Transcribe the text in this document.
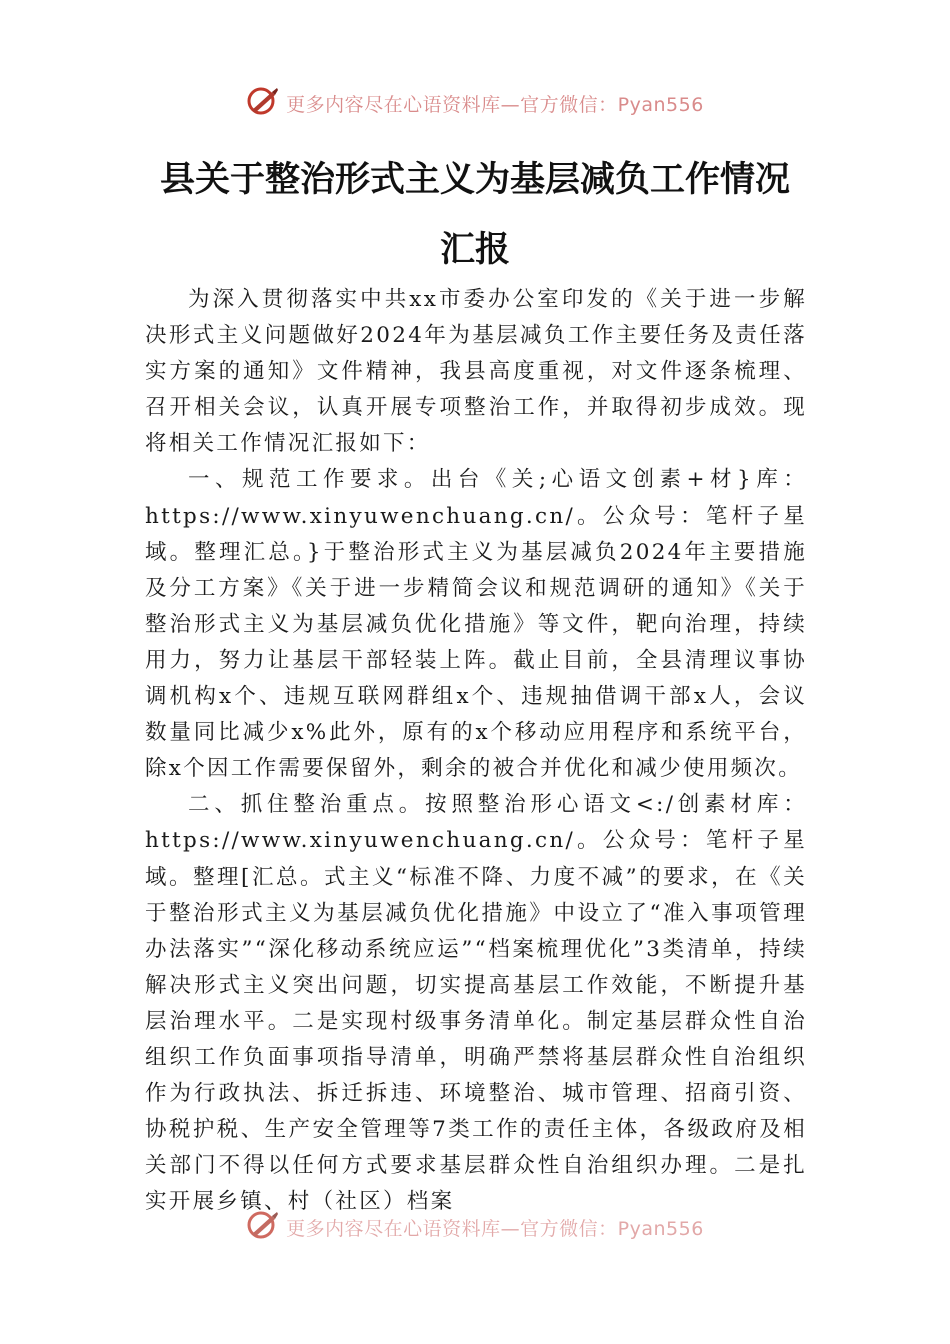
更多内容尽在心语资料库—官方微信：Pyan556
县关于整治形式主义为基层减负工作情况
汇报

为深入贯彻落实中共xx市委办公室印发的《关于进一步解决形式主义问题做好2024年为基层减负工作主要任务及责任落实方案的通知》文件精神，我县高度重视，对文件逐条梳理、召开相关会议，认真开展专项整治工作，并取得初步成效。现将相关工作情况汇报如下：

一、规范工作要求。出台《关;心语文创素+材}库：https://www.xinyuwenchuang.cn/。公众号：笔杆子星域。整理汇总。}于整治形式主义为基层减负2024年主要措施及分工方案》《关于进一步精简会议和规范调研的通知》《关于整治形式主义为基层减负优化措施》等文件，靶向治理，持续用力，努力让基层干部轻装上阵。截止目前，全县清理议事协调机构x个、违规互联网群组x个、违规抽借调干部x人，会议数量同比减少x%此外，原有的x个移动应用程序和系统平台，除x个因工作需要保留外，剩余的被合并优化和减少使用频次。

二、抓住整治重点。按照整治形心语文<:/创素材库：https://www.xinyuwenchuang.cn/。公众号：笔杆子星域。整理[汇总。式主义“标准不降、力度不减”的要求，在《关于整治形式主义为基层减负优化措施》中设立了“准入事项管理办法落实”“深化移动系统应运”“档案梳理优化”3类清单，持续解决形式主义突出问题，切实提高基层工作效能，不断提升基层治理水平。二是实现村级事务清单化。制定基层群众性自治组织工作负面事项指导清单，明确严禁将基层群众性自治组织作为行政执法、拆迁拆违、环境整治、城市管理、招商引资、协税护税、生产安全管理等7类工作的责任主体，各级政府及相关部门不得以任何方式要求基层群众性自治组织办理。二是扎实开展乡镇、村（社区）档案

更多内容尽在心语资料库—官方微信：Pyan556
